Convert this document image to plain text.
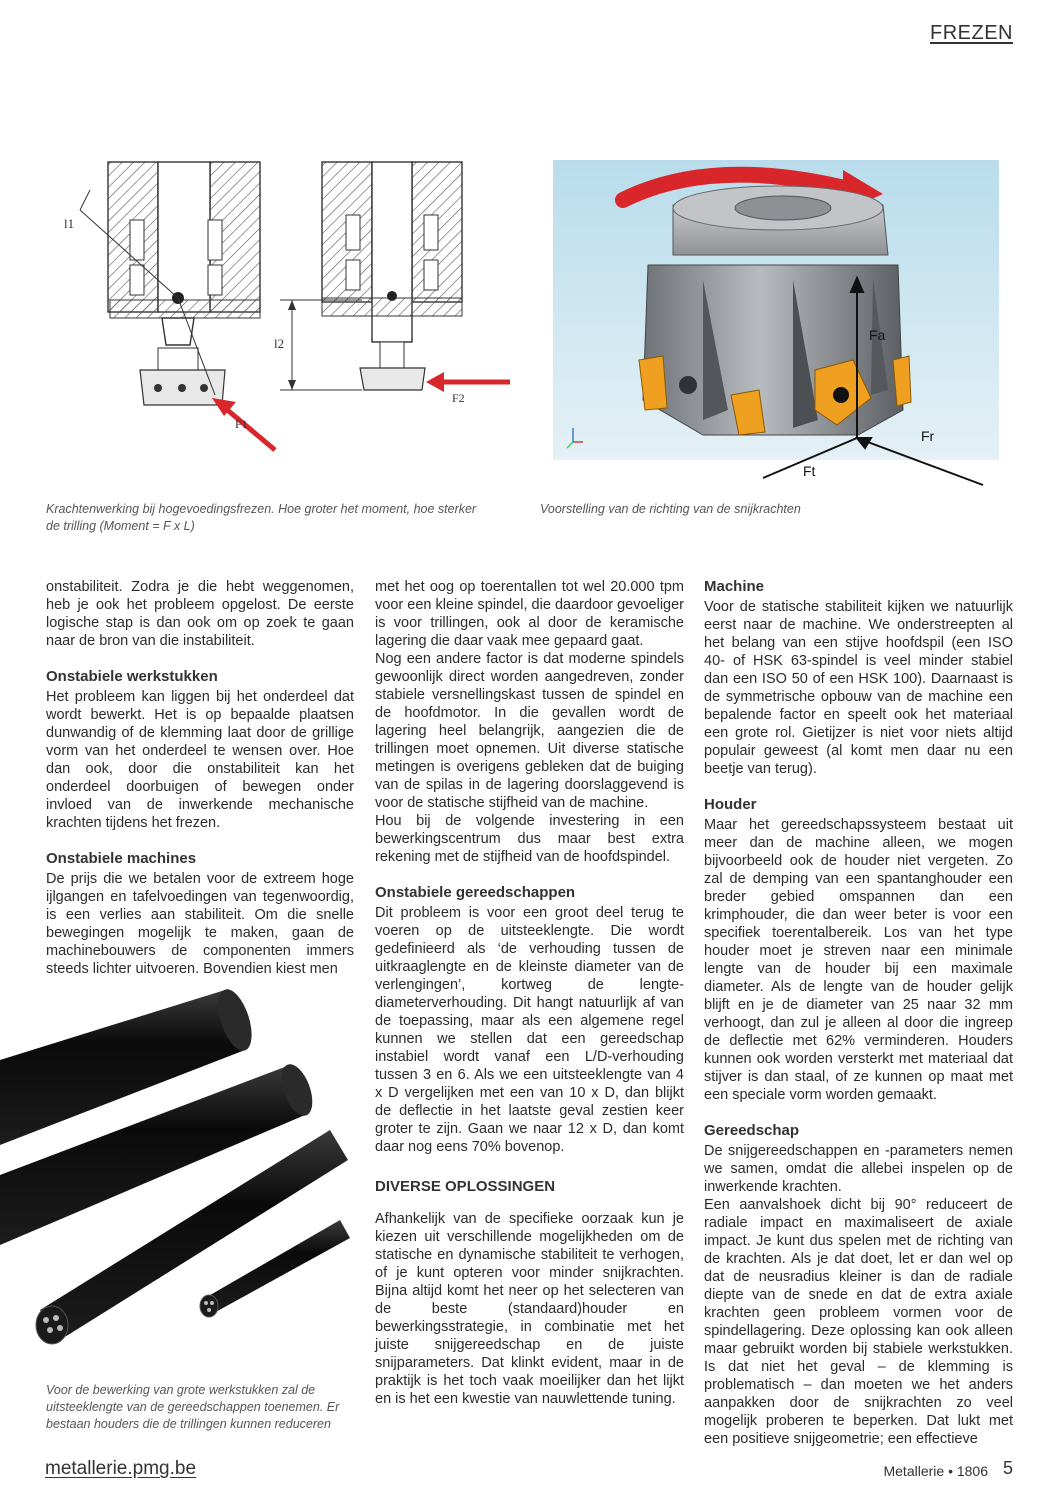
FREZEN
l1
F1
l2
F2
Krachtenwerking bij hogevoedingsfrezen. Hoe groter het moment, hoe sterker de trilling (Moment = F x L)
Fa
Fr
Ft
Voorstelling van de richting van de snijkrachten

onstabiliteit. Zodra je die hebt weggenomen, heb je ook het probleem opgelost. De eerste logische stap is dan ook om op zoek te gaan naar de bron van die instabiliteit.

Onstabiele werkstukken

Het probleem kan liggen bij het onderdeel dat wordt bewerkt. Het is op bepaalde plaatsen dunwandig of de klemming laat door de grillige vorm van het onderdeel te wensen over. Hoe dan ook, door die onstabiliteit kan het onderdeel doorbuigen of bewegen onder invloed van de inwerkende mechanische krachten tijdens het frezen.

Onstabiele machines

De prijs die we betalen voor de extreem hoge ijlgangen en tafelvoedingen van tegenwoordig, is een verlies aan stabiliteit. Om die snelle bewegingen mogelijk te maken, gaan de machinebouwers de componenten immers steeds lichter uitvoeren. Bovendien kiest men

Voor de bewerking van grote werkstukken zal de uitsteeklengte van de gereedschappen toenemen. Er bestaan houders die de trillingen kunnen reduceren

met het oog op toerentallen tot wel 20.000 tpm voor een kleine spindel, die daardoor gevoeliger is voor trillingen, ook al door de keramische lagering die daar vaak mee gepaard gaat.

Nog een andere factor is dat moderne spindels gewoonlijk direct worden aangedreven, zonder stabiele versnellingskast tussen de spindel en de hoofdmotor. In die gevallen wordt de lagering heel belangrijk, aangezien die de trillingen moet opnemen. Uit diverse statische metingen is overigens gebleken dat de buiging van de spilas in de lagering doorslaggevend is voor de statische stijfheid van de machine.

Hou bij de volgende investering in een bewerkingscentrum dus maar best extra rekening met de stijfheid van de hoofdspindel.

Onstabiele gereedschappen

Dit probleem is voor een groot deel terug te voeren op de uitsteeklengte. Die wordt gedefinieerd als ‘de verhouding tussen de uitkraaglengte en de kleinste diameter van de verlengingen’, kortweg de lengte-diameterverhouding. Dit hangt natuurlijk af van de toepassing, maar als een algemene regel kunnen we stellen dat een gereedschap instabiel wordt vanaf een L/D-verhouding tussen 3 en 6. Als we een uitsteeklengte van 4 x D vergelijken met een van 10 x D, dan blijkt de deflectie in het laatste geval zestien keer groter te zijn. Gaan we naar 12 x D, dan komt daar nog eens 70% bovenop.

DIVERSE OPLOSSINGEN

Afhankelijk van de specifieke oorzaak kun je kiezen uit verschillende mogelijkheden om de statische en dynamische stabiliteit te verhogen, of je kunt opteren voor minder snijkrachten. Bijna altijd komt het neer op het selecteren van de beste (standaard)houder en bewerkingsstrategie, in combinatie met het juiste snijgereedschap en de juiste snijparameters. Dat klinkt evident, maar in de praktijk is het toch vaak moeilijker dan het lijkt en is het een kwestie van nauwlettende tuning.

Machine

Voor de statische stabiliteit kijken we natuurlijk eerst naar de machine. We onderstreepten al het belang van een stijve hoofdspil (een ISO 40- of HSK 63-spindel is veel minder stabiel dan een ISO 50 of een HSK 100). Daarnaast is de symmetrische opbouw van de machine een bepalende factor en speelt ook het materiaal een grote rol. Gietijzer is niet voor niets altijd populair geweest (al komt men daar nu een beetje van terug).

Houder

Maar het gereedschapssysteem bestaat uit meer dan de machine alleen, we mogen bijvoorbeeld ook de houder niet vergeten. Zo zal de demping van een spantanghouder een breder gebied omspannen dan een krimphouder, die dan weer beter is voor een specifiek toerentalbereik. Los van het type houder moet je streven naar een minimale lengte van de houder bij een maximale diameter. Als de lengte van de houder gelijk blijft en je de diameter van 25 naar 32 mm verhoogt, dan zul je alleen al door die ingreep de deflectie met 62% verminderen. Houders kunnen ook worden versterkt met materiaal dat stijver is dan staal, of ze kunnen op maat met een speciale vorm worden gemaakt.

Gereedschap

De snijgereedschappen en -parameters nemen we samen, omdat die allebei inspelen op de inwerkende krachten.

Een aanvalshoek dicht bij 90° reduceert de radiale impact en maximaliseert de axiale impact. Je kunt dus spelen met de richting van de krachten. Als je dat doet, let er dan wel op dat de neusradius kleiner is dan de radiale diepte van de snede en dat de extra axiale krachten geen probleem vormen voor de spindellagering. Deze oplossing kan ook alleen maar gebruikt worden bij stabiele werkstukken. Is dat niet het geval – de klemming is problematisch – dan moeten we het anders aanpakken door de snijkrachten zo veel mogelijk proberen te beperken. Dat lukt met een positieve snijgeometrie; een effectieve

metallerie.pmg.be	Metallerie • 1806 5
